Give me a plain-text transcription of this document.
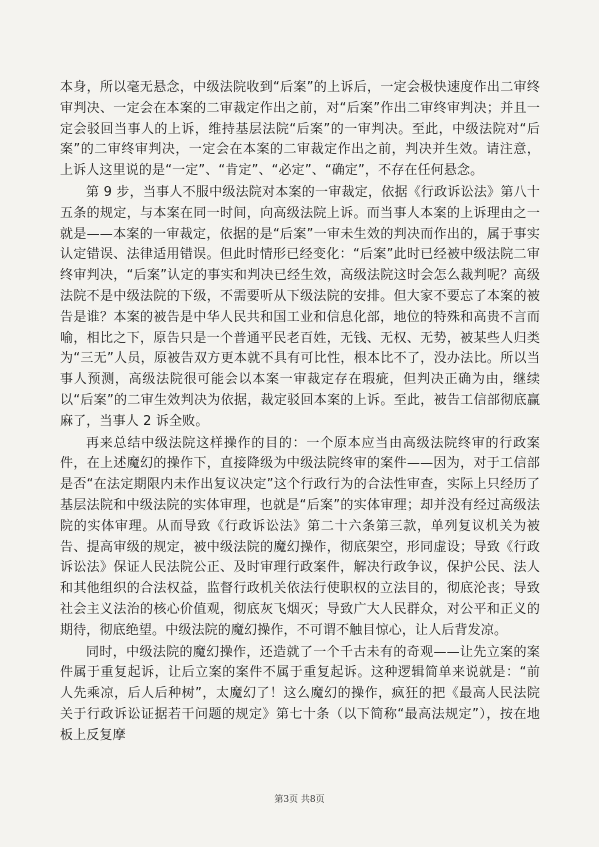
本身，所以毫无悬念，中级法院收到“后案”的上诉后，一定会极快速度作出二审终审判决、一定会在本案的二审裁定作出之前，对“后案”作出二审终审判决；并且一定会驳回当事人的上诉，维持基层法院“后案”的一审判决。至此，中级法院对“后案”的二审终审判决，一定会在本案的二审裁定作出之前，判决并生效。请注意，上诉人这里说的是“一定”、“肯定”、“必定”、“确定”，不存在任何悬念。

第 9 步，当事人不服中级法院对本案的一审裁定，依据《行政诉讼法》第八十五条的规定，与本案在同一时间，向高级法院上诉。而当事人本案的上诉理由之一就是——本案的一审裁定，依据的是“后案”一审未生效的判决而作出的，属于事实认定错误、法律适用错误。但此时情形已经变化：“后案”此时已经被中级法院二审终审判决，“后案”认定的事实和判决已经生效，高级法院这时会怎么裁判呢？高级法院不是中级法院的下级，不需要听从下级法院的安排。但大家不要忘了本案的被告是谁？本案的被告是中华人民共和国工业和信息化部，地位的特殊和高贵不言而喻，相比之下，原告只是一个普通平民老百姓，无钱、无权、无势，被某些人归类为“三无”人员，原被告双方更本就不具有可比性，根本比不了，没办法比。所以当事人预测，高级法院很可能会以本案一审裁定存在瑕疵，但判决正确为由，继续以“后案”的二审生效判决为依据，裁定驳回本案的上诉。至此，被告工信部彻底赢麻了，当事人 2 诉全败。

再来总结中级法院这样操作的目的：一个原本应当由高级法院终审的行政案件，在上述魔幻的操作下，直接降级为中级法院终审的案件——因为，对于工信部是否“在法定期限内未作出复议决定”这个行政行为的合法性审查，实际上只经历了基层法院和中级法院的实体审理，也就是“后案”的实体审理；却并没有经过高级法院的实体审理。从而导致《行政诉讼法》第二十六条第三款，单列复议机关为被告、提高审级的规定，被中级法院的魔幻操作，彻底架空，形同虚设；导致《行政诉讼法》保证人民法院公正、及时审理行政案件，解决行政争议，保护公民、法人和其他组织的合法权益，监督行政机关依法行使职权的立法目的，彻底沦丧；导致社会主义法治的核心价值观，彻底灰飞烟灭；导致广大人民群众，对公平和正义的期待，彻底绝望。中级法院的魔幻操作，不可谓不触目惊心，让人后背发凉。

同时，中级法院的魔幻操作，还造就了一个千古未有的奇观——让先立案的案件属于重复起诉，让后立案的案件不属于重复起诉。这种逻辑简单来说就是：“前人先乘凉，后人后种树”，太魔幻了！这么魔幻的操作，疯狂的把《最高人民法院关于行政诉讼证据若干问题的规定》第七十条（以下简称“最高法规定”），按在地板上反复摩

第3页 共8页
